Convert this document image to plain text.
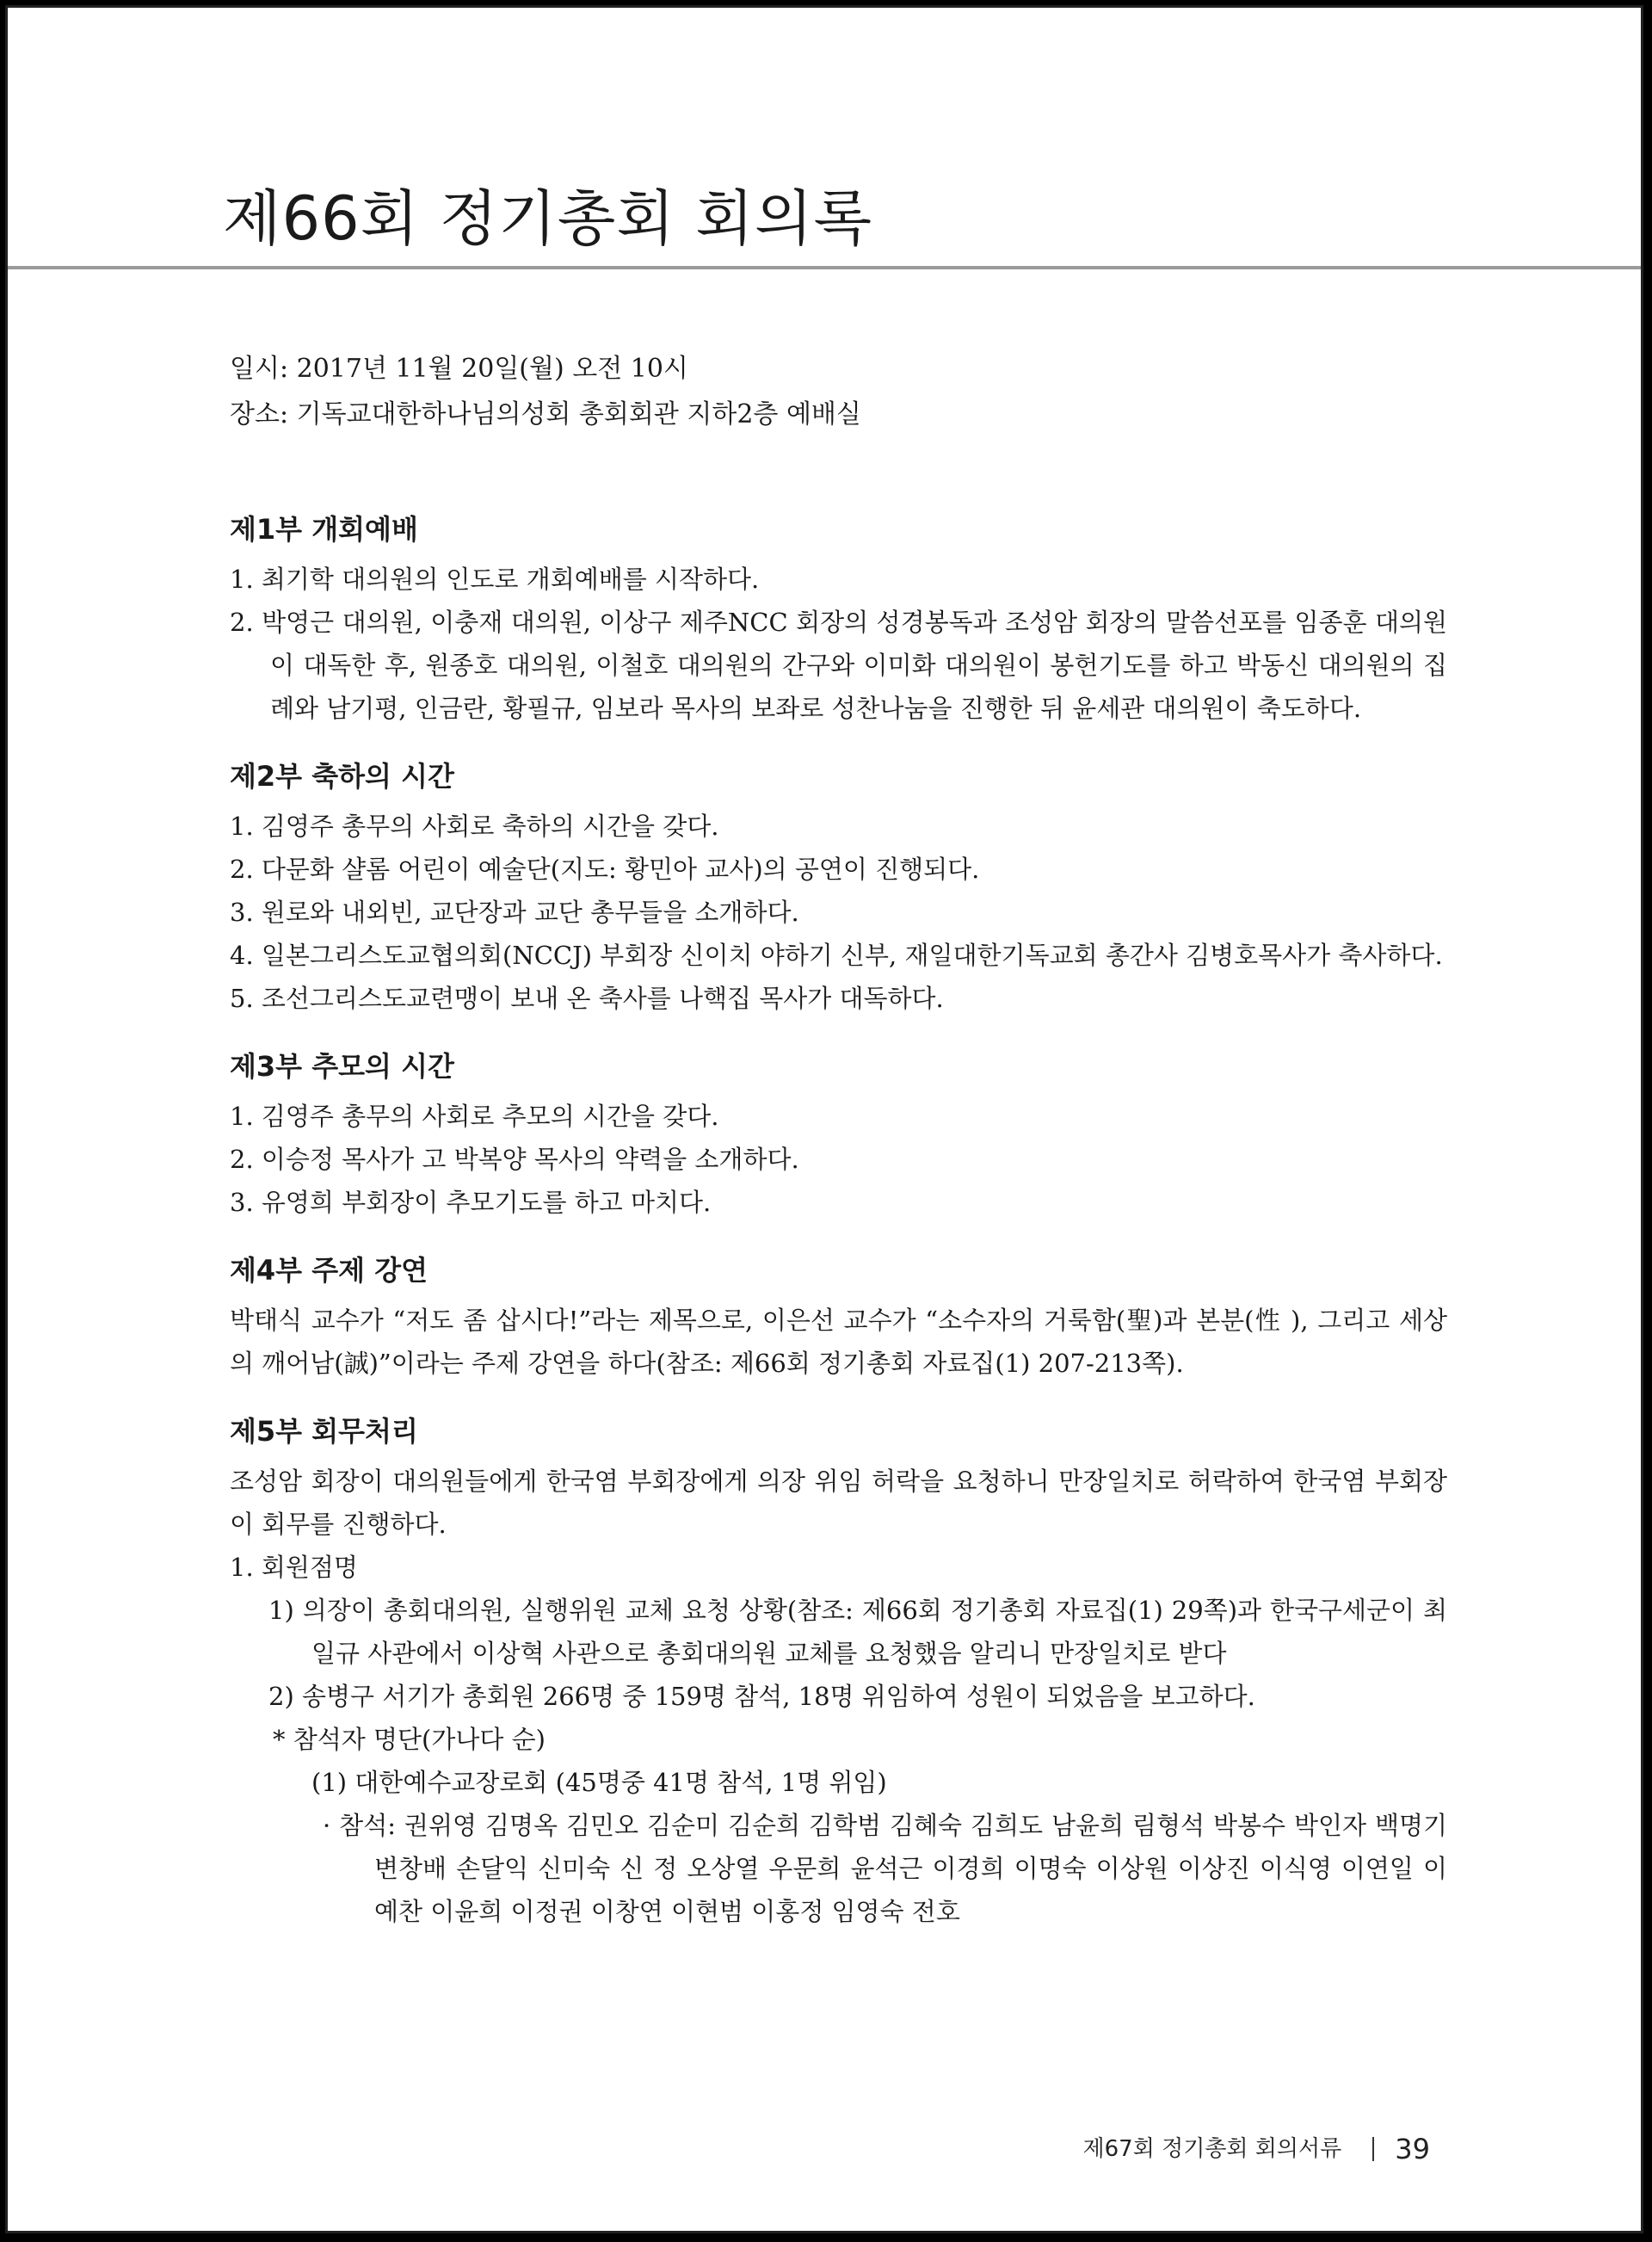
제66회 정기총회 회의록
일시: 2017년 11월 20일(월) 오전 10시
장소: 기독교대한하나님의성회 총회회관 지하2층 예배실
제1부 개회예배
1. 최기학 대의원의 인도로 개회예배를 시작하다.
2. 박영근 대의원, 이충재 대의원, 이상구 제주NCC 회장의 성경봉독과 조성암 회장의 말씀선포를 임종훈 대의원이 대독한 후, 원종호 대의원, 이철호 대의원의 간구와 이미화 대의원이 봉헌기도를 하고 박동신 대의원의 집례와 남기평, 인금란, 황필규, 임보라 목사의 보좌로 성찬나눔을 진행한 뒤 윤세관 대의원이 축도하다.
제2부 축하의 시간
1. 김영주 총무의 사회로 축하의 시간을 갖다.
2. 다문화 샬롬 어린이 예술단(지도: 황민아 교사)의 공연이 진행되다.
3. 원로와 내외빈, 교단장과 교단 총무들을 소개하다.
4. 일본그리스도교협의회(NCCJ) 부회장 신이치 야하기 신부, 재일대한기독교회 총간사 김병호목사가 축사하다.
5. 조선그리스도교련맹이 보내 온 축사를 나핵집 목사가 대독하다.
제3부 추모의 시간
1. 김영주 총무의 사회로 추모의 시간을 갖다.
2. 이승정 목사가 고 박복양 목사의 약력을 소개하다.
3. 유영희 부회장이 추모기도를 하고 마치다.
제4부 주제 강연
박태식 교수가 “저도 좀 삽시다!”라는 제목으로, 이은선 교수가 “소수자의 거룩함(聖)과 본분(性 ), 그리고 세상의 깨어남(誠)”이라는 주제 강연을 하다(참조: 제66회 정기총회 자료집(1) 207-213쪽).
제5부 회무처리
조성암 회장이 대의원들에게 한국염 부회장에게 의장 위임 허락을 요청하니 만장일치로 허락하여 한국염 부회장이 회무를 진행하다.
1. 회원점명
1) 의장이 총회대의원, 실행위원 교체 요청 상황(참조: 제66회 정기총회 자료집(1) 29쪽)과 한국구세군이 최일규 사관에서 이상혁 사관으로 총회대의원 교체를 요청했음 알리니 만장일치로 받다
2) 송병구 서기가 총회원 266명 중 159명 참석, 18명 위임하여 성원이 되었음을 보고하다.
* 참석자 명단(가나다 순)
(1) 대한예수교장로회 (45명중 41명 참석, 1명 위임)
· 참석: 권위영 김명옥 김민오 김순미 김순희 김학범 김혜숙 김희도 남윤희 림형석 박봉수 박인자 백명기 변창배 손달익 신미숙 신 정 오상열 우문희 윤석근 이경희 이명숙 이상원 이상진 이식영 이연일 이예찬 이윤희 이정권 이창연 이현범 이홍정 임영숙 전호
제67회 정기총회 회의서류 39
